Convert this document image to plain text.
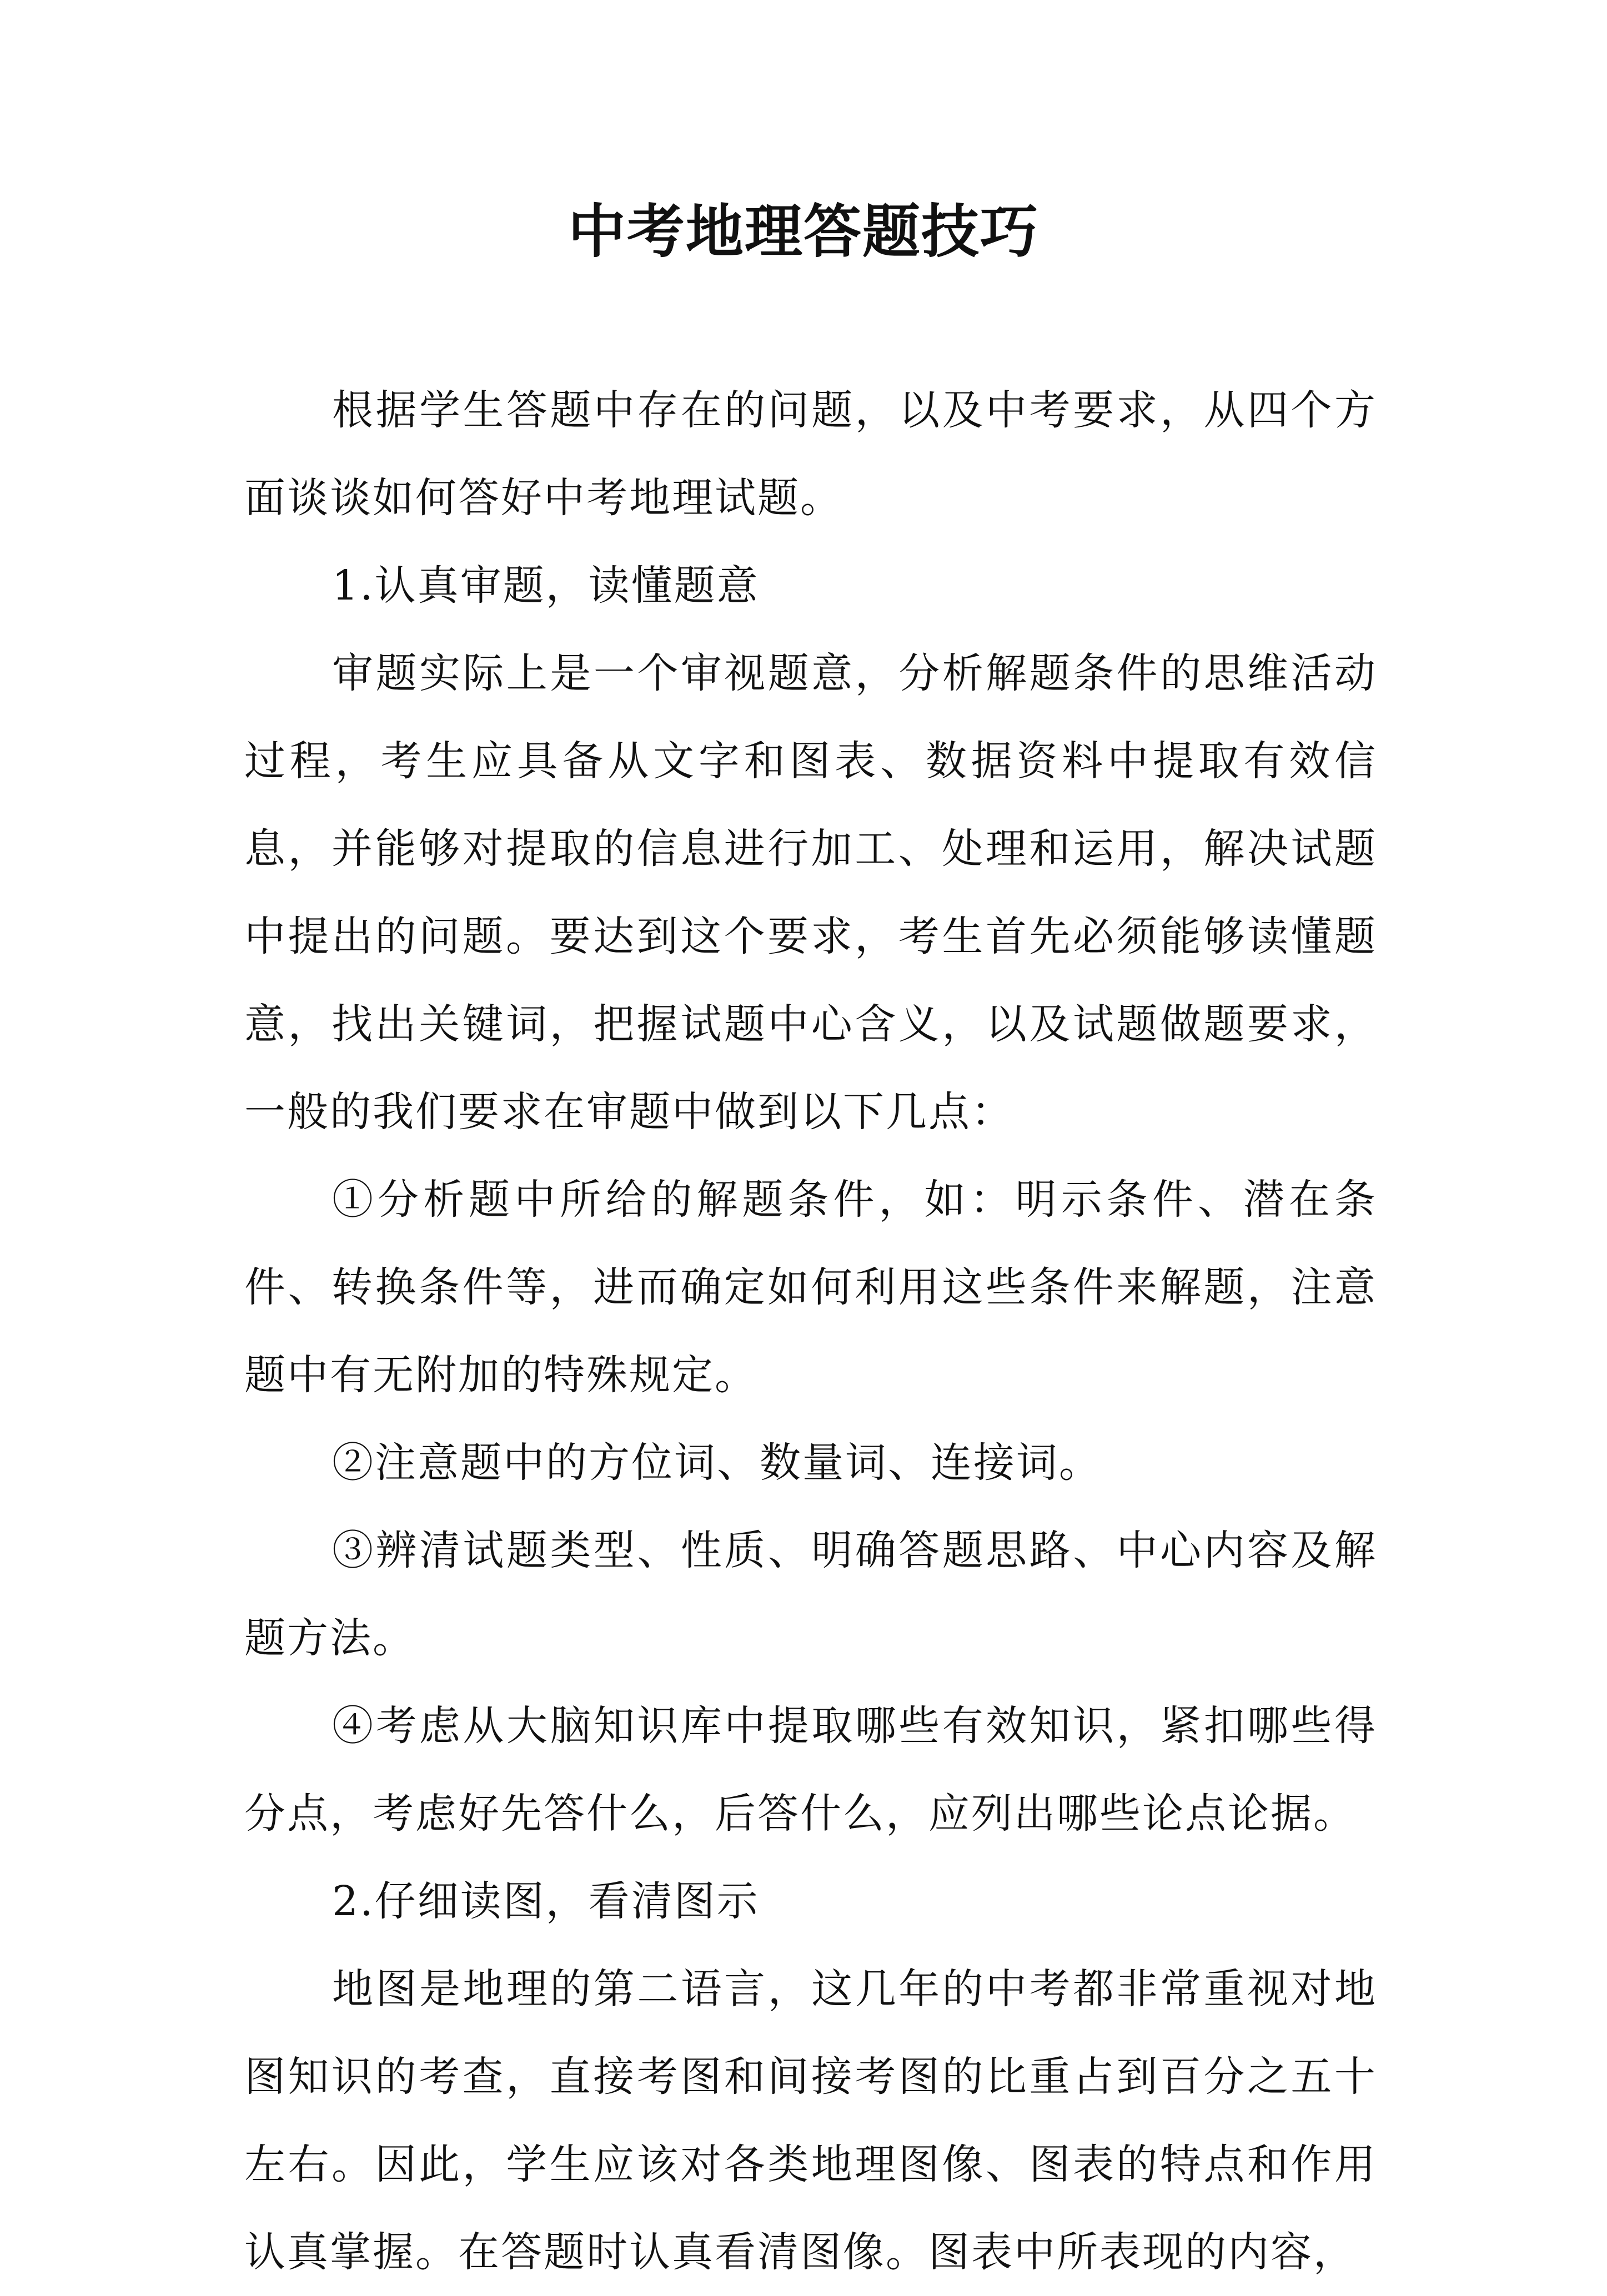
中考地理答题技巧

根据学生答题中存在的问题，以及中考要求，从四个方面谈谈如何答好中考地理试题。

1.认真审题，读懂题意

审题实际上是一个审视题意，分析解题条件的思维活动过程，考生应具备从文字和图表、数据资料中提取有效信息，并能够对提取的信息进行加工、处理和运用，解决试题中提出的问题。要达到这个要求，考生首先必须能够读懂题意，找出关键词，把握试题中心含义，以及试题做题要求，一般的我们要求在审题中做到以下几点：

①分析题中所给的解题条件，如：明示条件、潜在条件、转换条件等，进而确定如何利用这些条件来解题，注意题中有无附加的特殊规定。

②注意题中的方位词、数量词、连接词。

③辨清试题类型、性质、明确答题思路、中心内容及解题方法。

④考虑从大脑知识库中提取哪些有效知识，紧扣哪些得分点，考虑好先答什么，后答什么，应列出哪些论点论据。

2.仔细读图，看清图示

地图是地理的第二语言，这几年的中考都非常重视对地图知识的考查，直接考图和间接考图的比重占到百分之五十左右。因此，学生应该对各类地理图像、图表的特点和作用认真掌握。在答题时认真看清图像。图表中所表现的内容，
